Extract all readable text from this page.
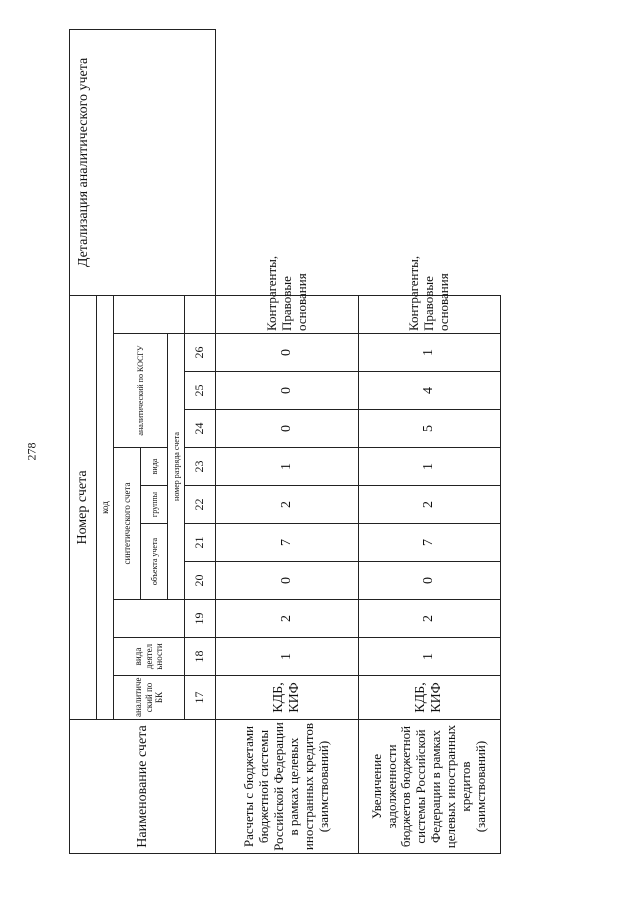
278
Наименование счета	Номер счета											Детализация аналитического учета
	код											
	аналитиче ский по БК	вида деятел ьности		синтетического счета				аналитический по КОСГУ				
				объекта учета		группы	вида					
				номер разряда счета								
	17	18	19	20	21	22	23	24	25	26		
Расчеты с бюджетами бюджетной системы Российской Федерации в рамках целевых иностранных кредитов (заимствований)	КДБ, КИФ	1	2	0	7	2	1	0	0	0	Контрагенты, Правовые основания	
Увеличение задолженности бюджетов бюджетной системы Российской Федерации в рамках целевых иностранных кредитов (заимствований)	КДБ, КИФ	1	2	0	7	2	1	5	4	1	Контрагенты, Правовые основания	
